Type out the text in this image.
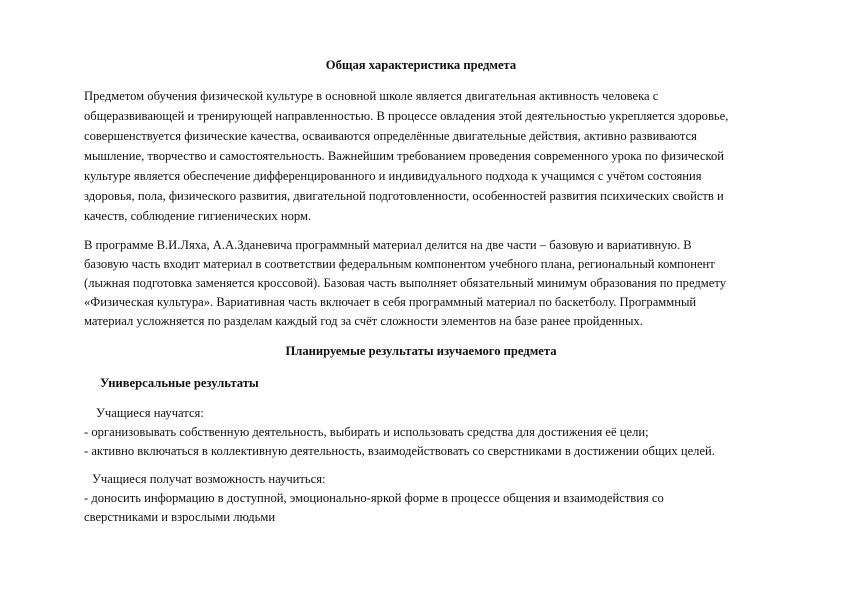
Общая характеристика предмета
Предметом обучения физической культуре в основной школе является двигательная активность человека с
общеразвивающей и тренирующей направленностью. В процессе овладения этой деятельностью укрепляется здоровье,
совершенствуется физические качества, осваиваются определённые двигательные действия, активно развиваются
мышление, творчество и самостоятельность. Важнейшим требованием проведения современного урока по физической
культуре является обеспечение дифференцированного и индивидуального подхода к учащимся с учётом состояния
здоровья, пола, физического развития, двигательной подготовленности, особенностей развития психических свойств и
качеств, соблюдение гигиенических норм.
В программе В.И.Ляха, А.А.Зданевича программный материал делится на две части – базовую и вариативную. В
базовую часть входит материал в соответствии федеральным компонентом учебного плана, региональный компонент
(лыжная подготовка заменяется кроссовой). Базовая часть выполняет обязательный минимум образования по предмету
«Физическая культура». Вариативная часть включает в себя программный материал по баскетболу. Программный
материал усложняется по разделам каждый год за счёт сложности элементов на базе ранее пройденных.
Планируемые результаты изучаемого предмета
Универсальные результаты
Учащиеся научатся:
- организовывать собственную деятельность, выбирать и использовать средства для достижения её цели;
- активно включаться в коллективную деятельность, взаимодействовать со сверстниками в достижении общих целей.
Учащиеся получат возможность научиться:
- доносить информацию в доступной, эмоционально-яркой форме в процессе общения и взаимодействия со
сверстниками и взрослыми людьми
